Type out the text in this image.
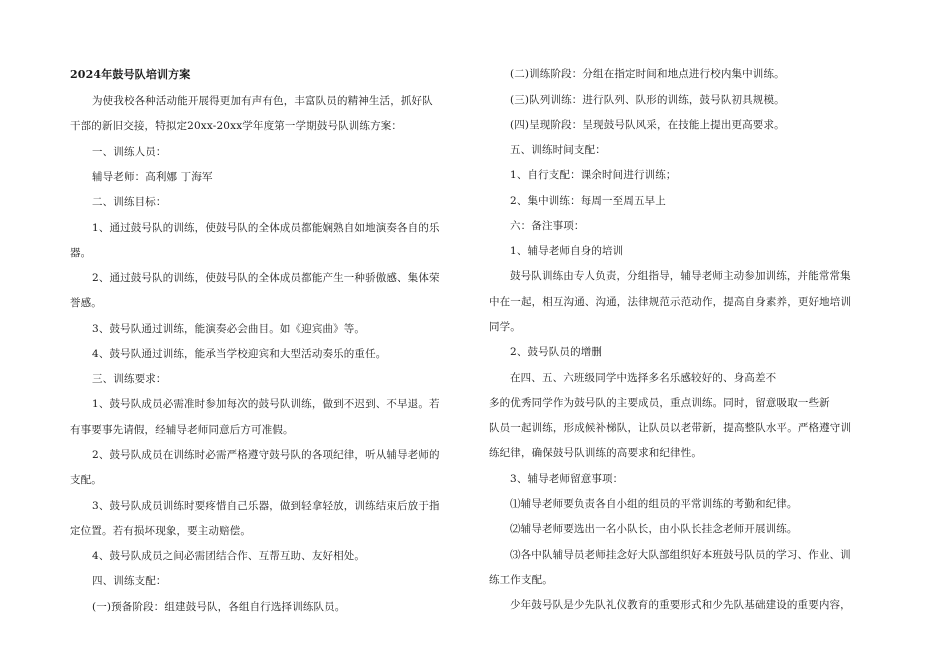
2024年鼓号队培训方案

为使我校各种活动能开展得更加有声有色，丰富队员的精神生活，抓好队

干部的新旧交接，特拟定20xx-20xx学年度第一学期鼓号队训练方案：

一、训练人员：

辅导老师：高利娜 丁海军

二、训练目标：

1、通过鼓号队的训练，使鼓号队的全体成员都能娴熟自如地演奏各自的乐

器。

2、通过鼓号队的训练，使鼓号队的全体成员都能产生一种骄傲感、集体荣

誉感。

3、鼓号队通过训练，能演奏必会曲目。如《迎宾曲》等。

4、鼓号队通过训练，能承当学校迎宾和大型活动奏乐的重任。

三、训练要求：

1、鼓号队成员必需准时参加每次的鼓号队训练，做到不迟到、不早退。若

有事要事先请假，经辅导老师同意后方可准假。

2、鼓号队成员在训练时必需严格遵守鼓号队的各项纪律，听从辅导老师的

支配。

3、鼓号队成员训练时要疼惜自己乐器，做到轻拿轻放，训练结束后放于指

定位置。若有损坏现象，要主动赔偿。

4、鼓号队成员之间必需团结合作、互帮互助、友好相处。

四、训练支配：

(一)预备阶段：组建鼓号队，各组自行选择训练队员。

(二)训练阶段：分组在指定时间和地点进行校内集中训练。

(三)队列训练：进行队列、队形的训练，鼓号队初具规模。

(四)呈现阶段：呈现鼓号队风采，在技能上提出更高要求。

五、训练时间支配：

1、自行支配：课余时间进行训练；

2、集中训练：每周一至周五早上

六：备注事项：

1、辅导老师自身的培训

鼓号队训练由专人负责，分组指导，辅导老师主动参加训练，并能常常集

中在一起，相互沟通、沟通，法律规范示范动作，提高自身素养，更好地培训

同学。

2、鼓号队员的增删

在四、五、六班级同学中选择多名乐感较好的、身高差不

多的优秀同学作为鼓号队的主要成员，重点训练。同时，留意吸取一些新

队员一起训练，形成候补梯队，让队员以老带新，提高整队水平。严格遵守训

练纪律，确保鼓号队训练的高要求和纪律性。

3、辅导老师留意事项：

⑴辅导老师要负责各自小组的组员的平常训练的考勤和纪律。

⑵辅导老师要选出一名小队长，由小队长挂念老师开展训练。

⑶各中队辅导员老师挂念好大队部组织好本班鼓号队员的学习、作业、训

练工作支配。

少年鼓号队是少先队礼仪教育的重要形式和少先队基础建设的重要内容，
